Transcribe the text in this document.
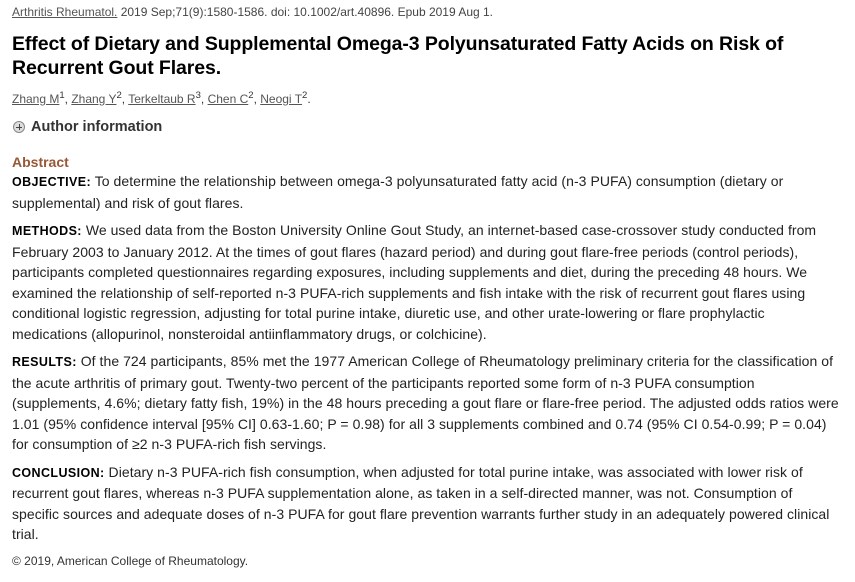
Arthritis Rheumatol. 2019 Sep;71(9):1580-1586. doi: 10.1002/art.40896. Epub 2019 Aug 1.
Effect of Dietary and Supplemental Omega-3 Polyunsaturated Fatty Acids on Risk of Recurrent Gout Flares.
Zhang $M^1$, Zhang $Y^2$, Terkeltaub $R^3$, Chen $C^2$, Neogi $T^2$.
Author information
Abstract

OBJECTIVE: To determine the relationship between omega-3 polyunsaturated fatty acid (n-3 PUFA) consumption (dietary or supplemental) and risk of gout flares.

METHODS: We used data from the Boston University Online Gout Study, an internet-based case-crossover study conducted from February 2003 to January 2012. At the times of gout flares (hazard period) and during gout flare-free periods (control periods), participants completed questionnaires regarding exposures, including supplements and diet, during the preceding 48 hours. We examined the relationship of self-reported n-3 PUFA-rich supplements and fish intake with the risk of recurrent gout flares using conditional logistic regression, adjusting for total purine intake, diuretic use, and other urate-lowering or flare prophylactic medications (allopurinol, nonsteroidal antiinflammatory drugs, or colchicine).

RESULTS: Of the 724 participants, 85% met the 1977 American College of Rheumatology preliminary criteria for the classification of the acute arthritis of primary gout. Twenty-two percent of the participants reported some form of n-3 PUFA consumption (supplements, 4.6%; dietary fatty fish, 19%) in the 48 hours preceding a gout flare or flare-free period. The adjusted odds ratios were 1.01 (95% confidence interval [95% CI] 0.63-1.60; P = 0.98) for all 3 supplements combined and 0.74 (95% CI 0.54-0.99; P = 0.04) for consumption of ≥2 n-3 PUFA-rich fish servings.

CONCLUSION: Dietary n-3 PUFA-rich fish consumption, when adjusted for total purine intake, was associated with lower risk of recurrent gout flares, whereas n-3 PUFA supplementation alone, as taken in a self-directed manner, was not. Consumption of specific sources and adequate doses of n-3 PUFA for gout flare prevention warrants further study in an adequately powered clinical trial.

© 2019, American College of Rheumatology.
